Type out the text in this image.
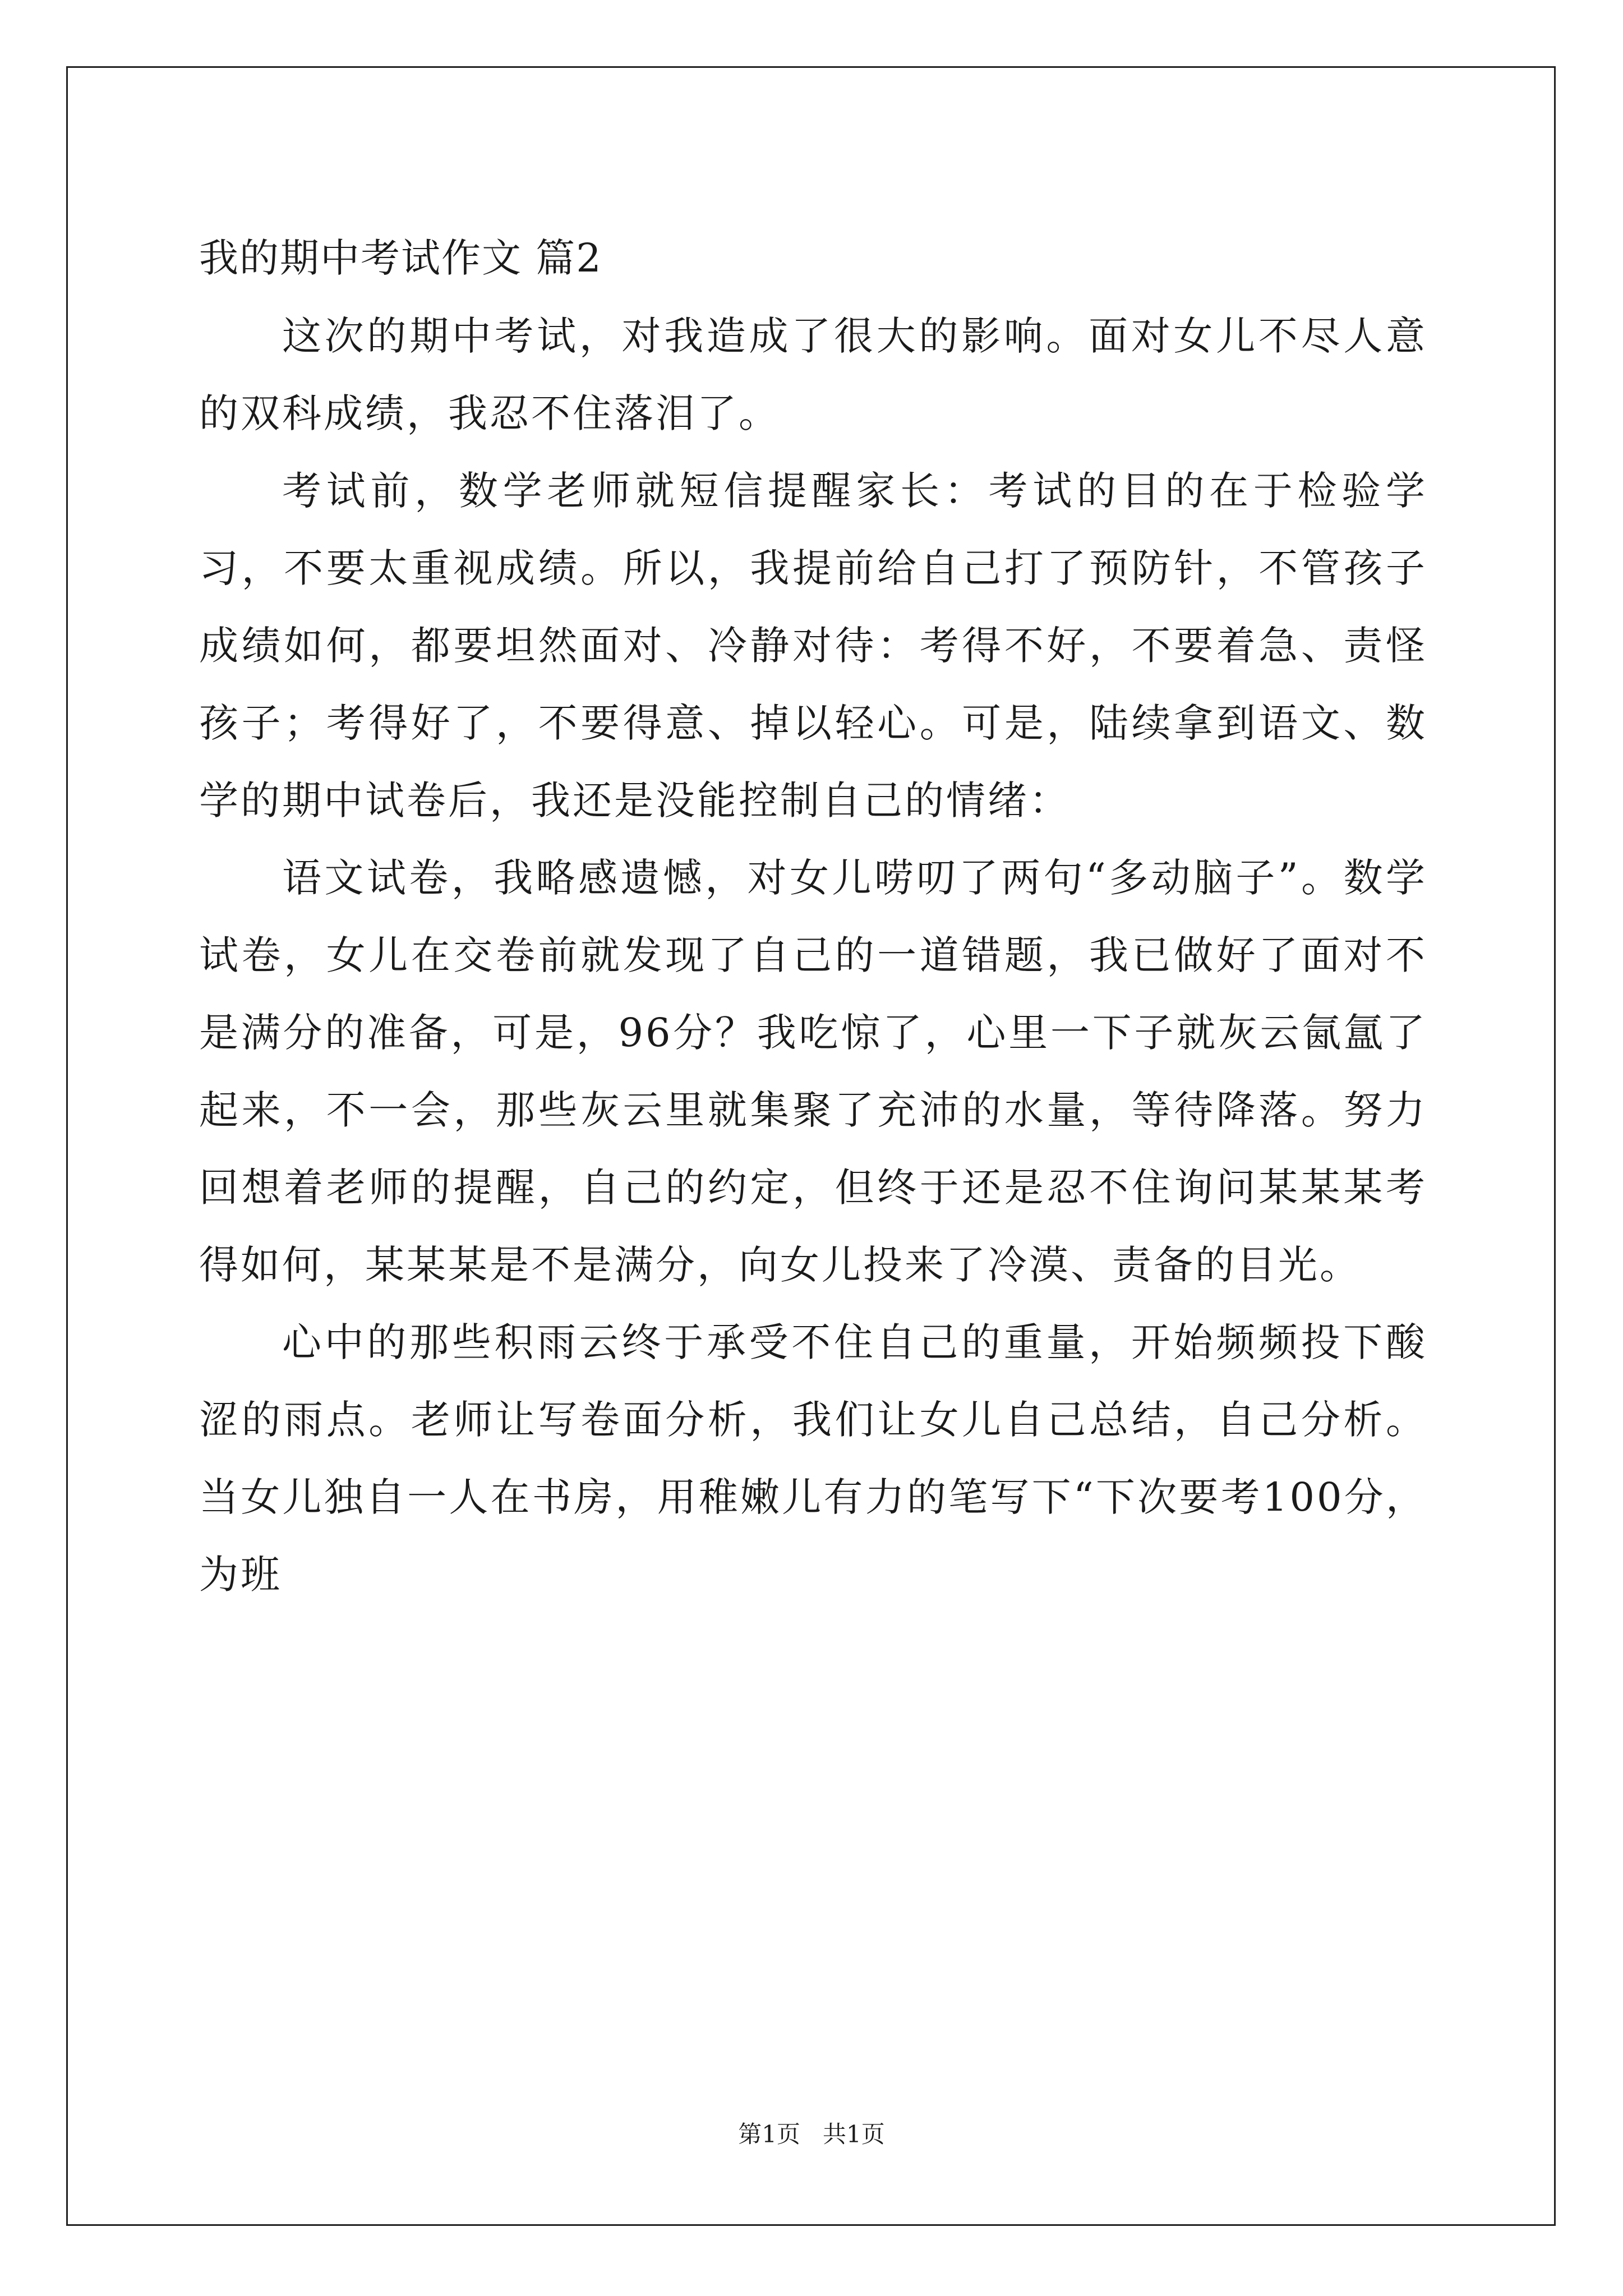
我的期中考试作文 篇2

这次的期中考试，对我造成了很大的影响。面对女儿不尽人意的双科成绩，我忍不住落泪了。

考试前，数学老师就短信提醒家长：考试的目的在于检验学习，不要太重视成绩。所以，我提前给自己打了预防针，不管孩子成绩如何，都要坦然面对、冷静对待：考得不好，不要着急、责怪孩子；考得好了，不要得意、掉以轻心。可是，陆续拿到语文、数学的期中试卷后，我还是没能控制自己的情绪：

语文试卷，我略感遗憾，对女儿唠叨了两句“多动脑子”。数学试卷，女儿在交卷前就发现了自己的一道错题，我已做好了面对不是满分的准备，可是，96分？我吃惊了，心里一下子就灰云氤氲了起来，不一会，那些灰云里就集聚了充沛的水量，等待降落。努力回想着老师的提醒，自己的约定，但终于还是忍不住询问某某某考得如何，某某某是不是满分，向女儿投来了冷漠、责备的目光。

心中的那些积雨云终于承受不住自己的重量，开始频频投下酸涩的雨点。老师让写卷面分析，我们让女儿自己总结，自己分析。当女儿独自一人在书房，用稚嫩儿有力的笔写下“下次要考100分，为班

第1页   共1页
